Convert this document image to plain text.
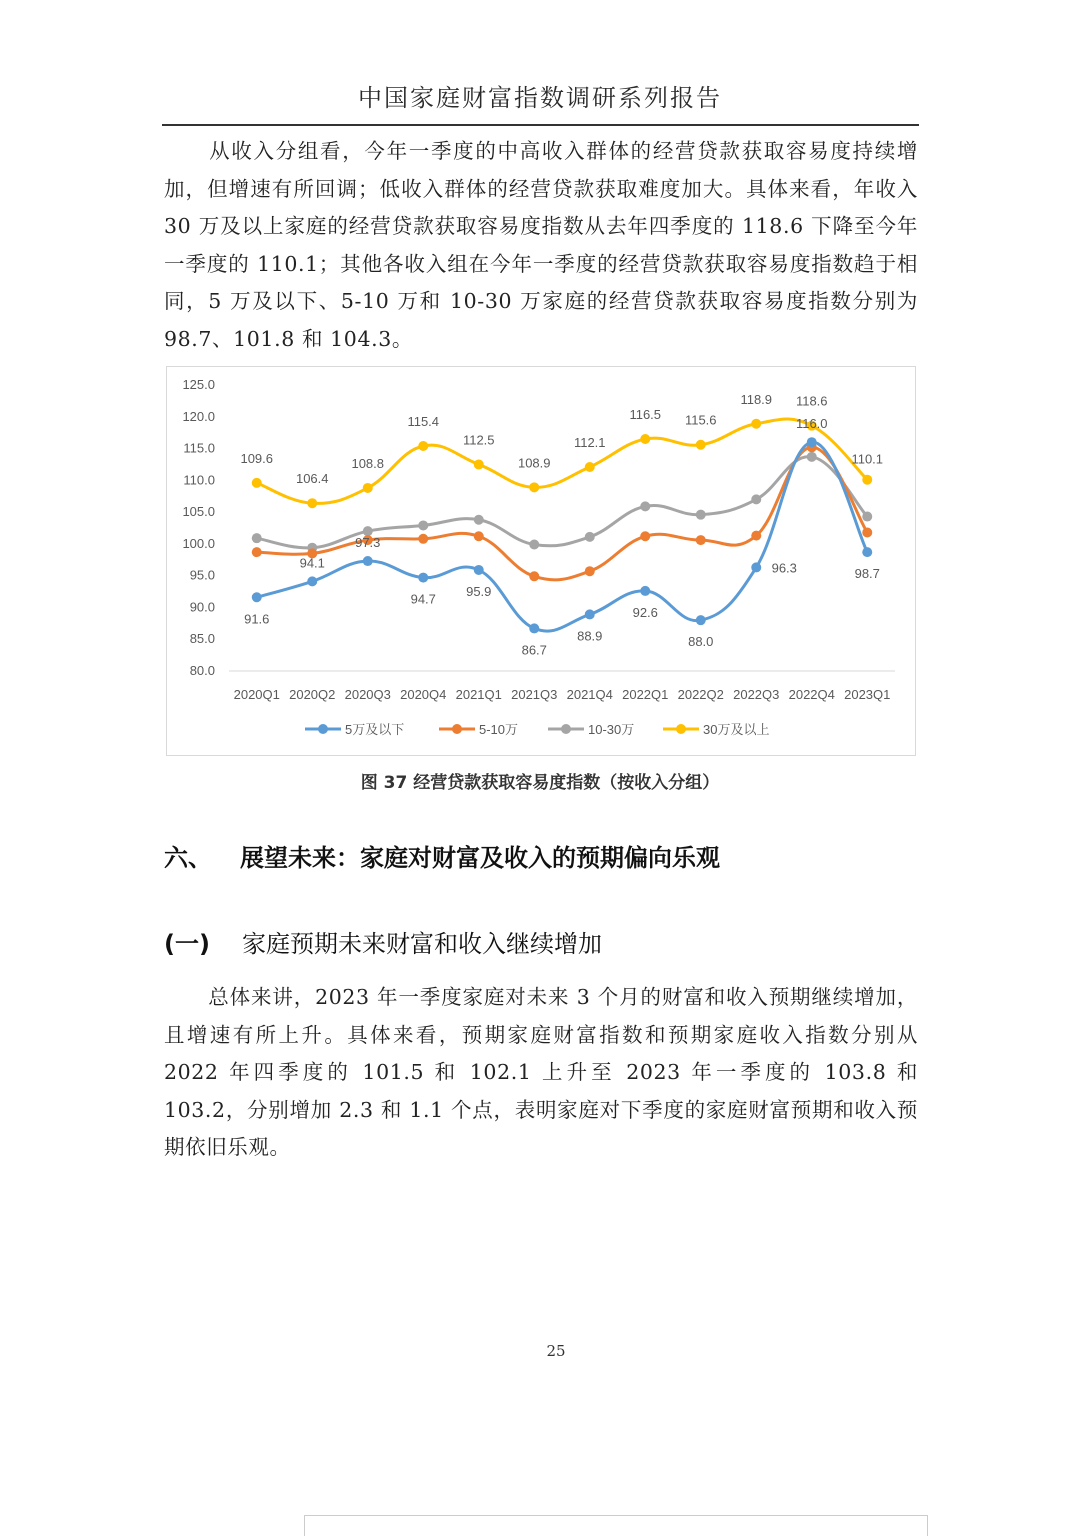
中国家庭财富指数调研系列报告

从收入分组看，今年一季度的中高收入群体的经营贷款获取容易度持续增加，但增速有所回调；低收入群体的经营贷款获取难度加大。具体来看，年收入 30 万及以上家庭的经营贷款获取容易度指数从去年四季度的 118.6 下降至今年一季度的 110.1；其他各收入组在今年一季度的经营贷款获取容易度指数趋于相同，5 万及以下、5-10 万和 10-30 万家庭的经营贷款获取容易度指数分别为 98.7、101.8 和 104.3。

80.0
85.0
90.0
95.0
100.0
105.0
110.0
115.0
120.0
125.0
2020Q1 2020Q2 2020Q3 2020Q4 2021Q1 2021Q3 2021Q4 2022Q1 2022Q2 2022Q3 2022Q4 2023Q1
91.6
94.1
97.3
94.7
95.9
86.7
88.9
92.6
88.0
96.3
116.0
98.7
109.6
106.4
108.8
115.4
112.5
108.9
112.1
116.5 115.6
118.9 118.6
110.1
5万及以下	5-10万	10-30万	30万及以上
图 37 经营贷款获取容易度指数（按收入分组）
六、 展望未来：家庭对财富及收入的预期偏向乐观
(一) 家庭预期未来财富和收入继续增加

总体来讲，2023 年一季度家庭对未来 3 个月的财富和收入预期继续增加，且增速有所上升。具体来看，预期家庭财富指数和预期家庭收入指数分别从 2022 年四季度的 101.5 和 102.1 上升至 2023 年一季度的 103.8 和 103.2，分别增加 2.3 和 1.1 个点，表明家庭对下季度的家庭财富预期和收入预期依旧乐观。

25
